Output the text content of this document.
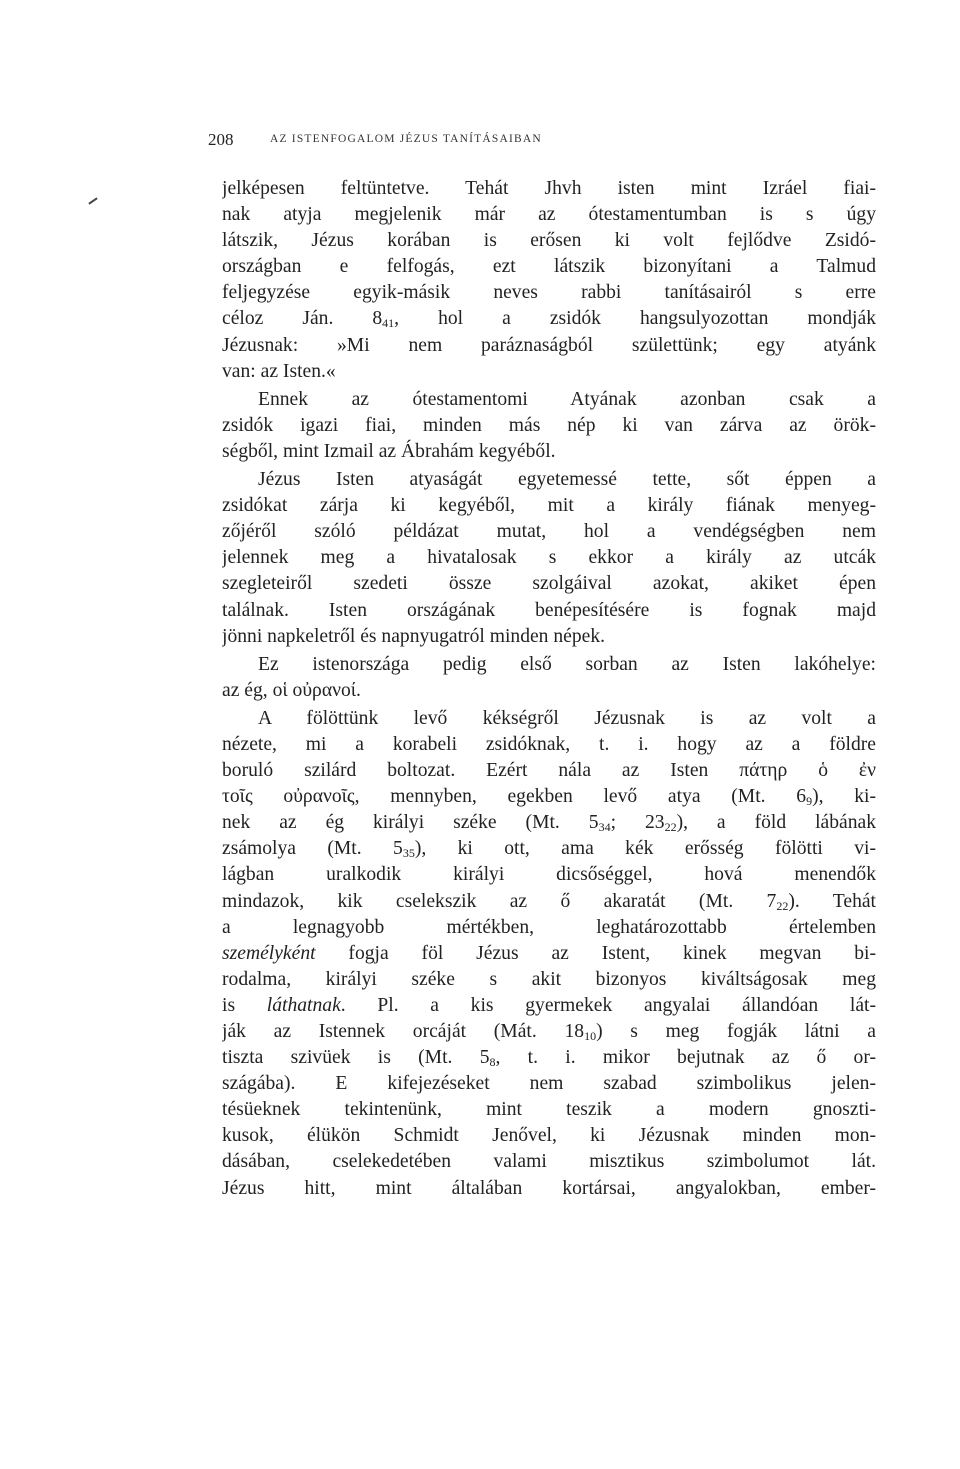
208	AZ ISTENFOGALOM JÉZUS TANÍTÁSAIBAN
jelképesen feltüntetve. Tehát Jhvh isten mint Izráel fiai-
nak atyja megjelenik már az ótestamentumban is s úgy
látszik, Jézus korában is erősen ki volt fejlődve Zsidó-
országban e felfogás, ezt látszik bizonyítani a Talmud
feljegyzése egyik-másik neves rabbi tanításairól s erre
céloz Ján. $8_{41}$, hol a zsidók hangsulyozottan mondják
Jézusnak: »Mi nem paráznaságból születtünk; egy atyánk
van: az Isten.«
Ennek az ótestamentomi Atyának azonban csak a
zsidók igazi fiai, minden más nép ki van zárva az örök-
ségből, mint Izmail az Ábrahám kegyéből.
Jézus Isten atyaságát egyetemessé tette, sőt éppen a
zsidókat zárja ki kegyéből, mit a király fiának menyeg-
zőjéről szóló példázat mutat, hol a vendégségben nem
jelennek meg a hivatalosak s ekkor a király az utcák
szegleteiről szedeti össze szolgáival azokat, akiket épen
találnak. Isten országának benépesítésére is fognak majd
jönni napkeletről és napnyugatról minden népek.
Ez istenországa pedig első sorban az Isten lakóhelye:
az ég, οἱ οὐρανοί.
A fölöttünk levő kékségről Jézusnak is az volt a
nézete, mi a korabeli zsidóknak, t. i. hogy az a földre
boruló szilárd boltozat. Ezért nála az Isten πάτηρ ὁ ἐν
τοῖς οὐρανοῖς, mennyben, egekben levő atya (Mt. $6_9$), ki-
nek az ég királyi széke (Mt. $5_{34}$; $23_{22}$), a föld lábának
zsámolya (Mt. $5_{35}$), ki ott, ama kék erősség fölötti vi-
lágban uralkodik királyi dicsőséggel, hová menendők
mindazok, kik cselekszik az ő akaratát (Mt. $7_{22}$). Tehát
a legnagyobb mértékben, leghatározottabb értelemben
személyként fogja föl Jézus az Istent, kinek megvan bi-
rodalma, királyi széke s akit bizonyos kiváltságosak meg
is láthatnak. Pl. a kis gyermekek angyalai állandóan lát-
ják az Istennek orcáját (Mát. $18_{10}$) s meg fogják látni a
tiszta szivüek is (Mt. $5_8$, t. i. mikor bejutnak az ő or-
szágába). E kifejezéseket nem szabad szimbolikus jelen-
tésüeknek tekintenünk, mint teszik a modern gnoszti-
kusok, élükön Schmidt Jenővel, ki Jézusnak minden mon-
dásában, cselekedetében valami misztikus szimbolumot lát.
Jézus hitt, mint általában kortársai, angyalokban, ember-
